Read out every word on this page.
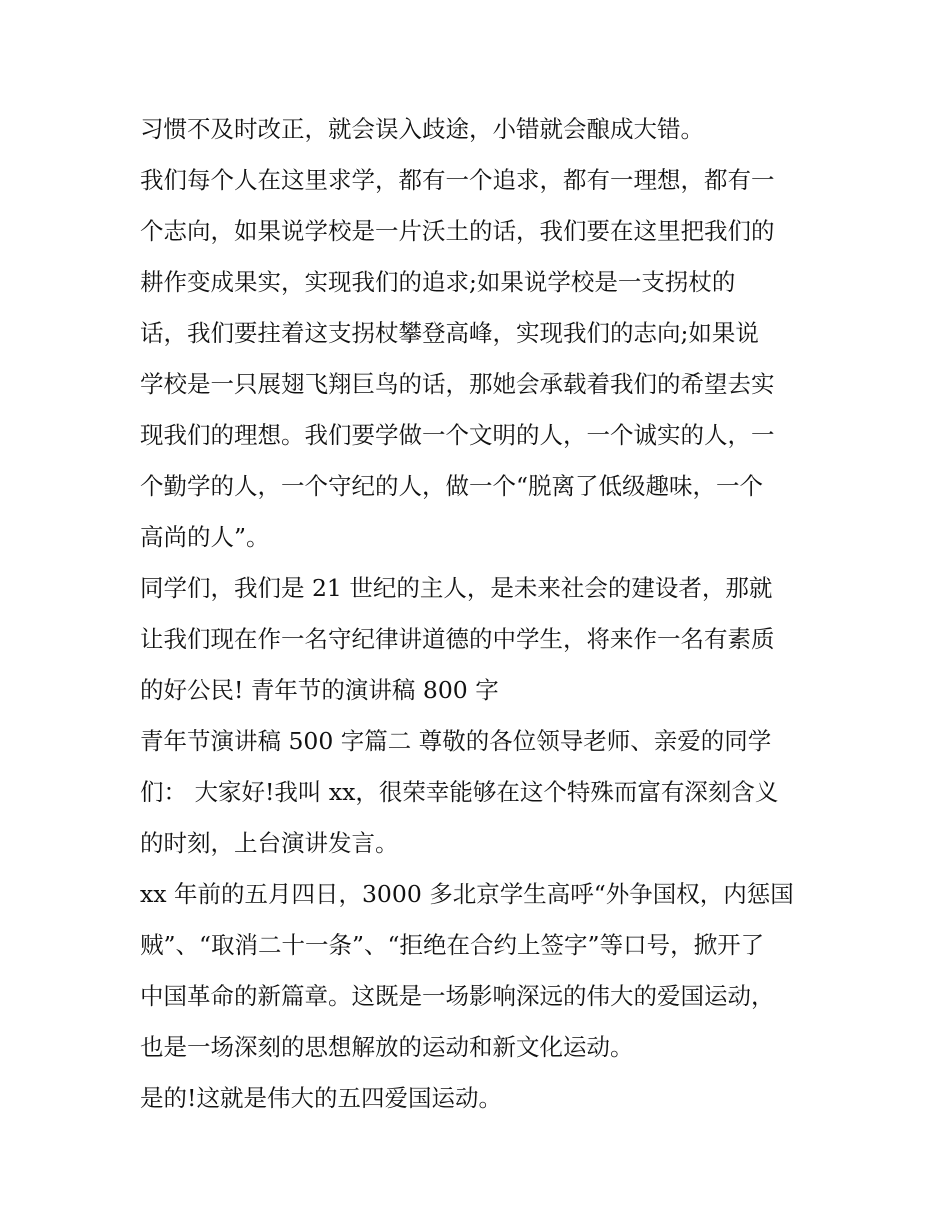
习惯不及时改正，就会误入歧途，小错就会酿成大错。
我们每个人在这里求学，都有一个追求，都有一理想，都有一
个志向，如果说学校是一片沃土的话，我们要在这里把我们的
耕作变成果实，实现我们的追求;如果说学校是一支拐杖的
话，我们要拄着这支拐杖攀登高峰，实现我们的志向;如果说
学校是一只展翅飞翔巨鸟的话，那她会承载着我们的希望去实
现我们的理想。我们要学做一个文明的人，一个诚实的人，一
个勤学的人，一个守纪的人，做一个“脱离了低级趣味，一个
高尚的人”。
同学们，我们是 21 世纪的主人，是未来社会的建设者，那就
让我们现在作一名守纪律讲道德的中学生，将来作一名有素质
的好公民! 青年节的演讲稿 800 字
青年节演讲稿 500 字篇二 尊敬的各位领导老师、亲爱的同学
们： 大家好!我叫 xx，很荣幸能够在这个特殊而富有深刻含义
的时刻，上台演讲发言。
xx 年前的五月四日，3000 多北京学生高呼“外争国权，内惩国
贼”、“取消二十一条”、“拒绝在合约上签字”等口号，掀开了
中国革命的新篇章。这既是一场影响深远的伟大的爱国运动，
也是一场深刻的思想解放的运动和新文化运动。
是的!这就是伟大的五四爱国运动。
